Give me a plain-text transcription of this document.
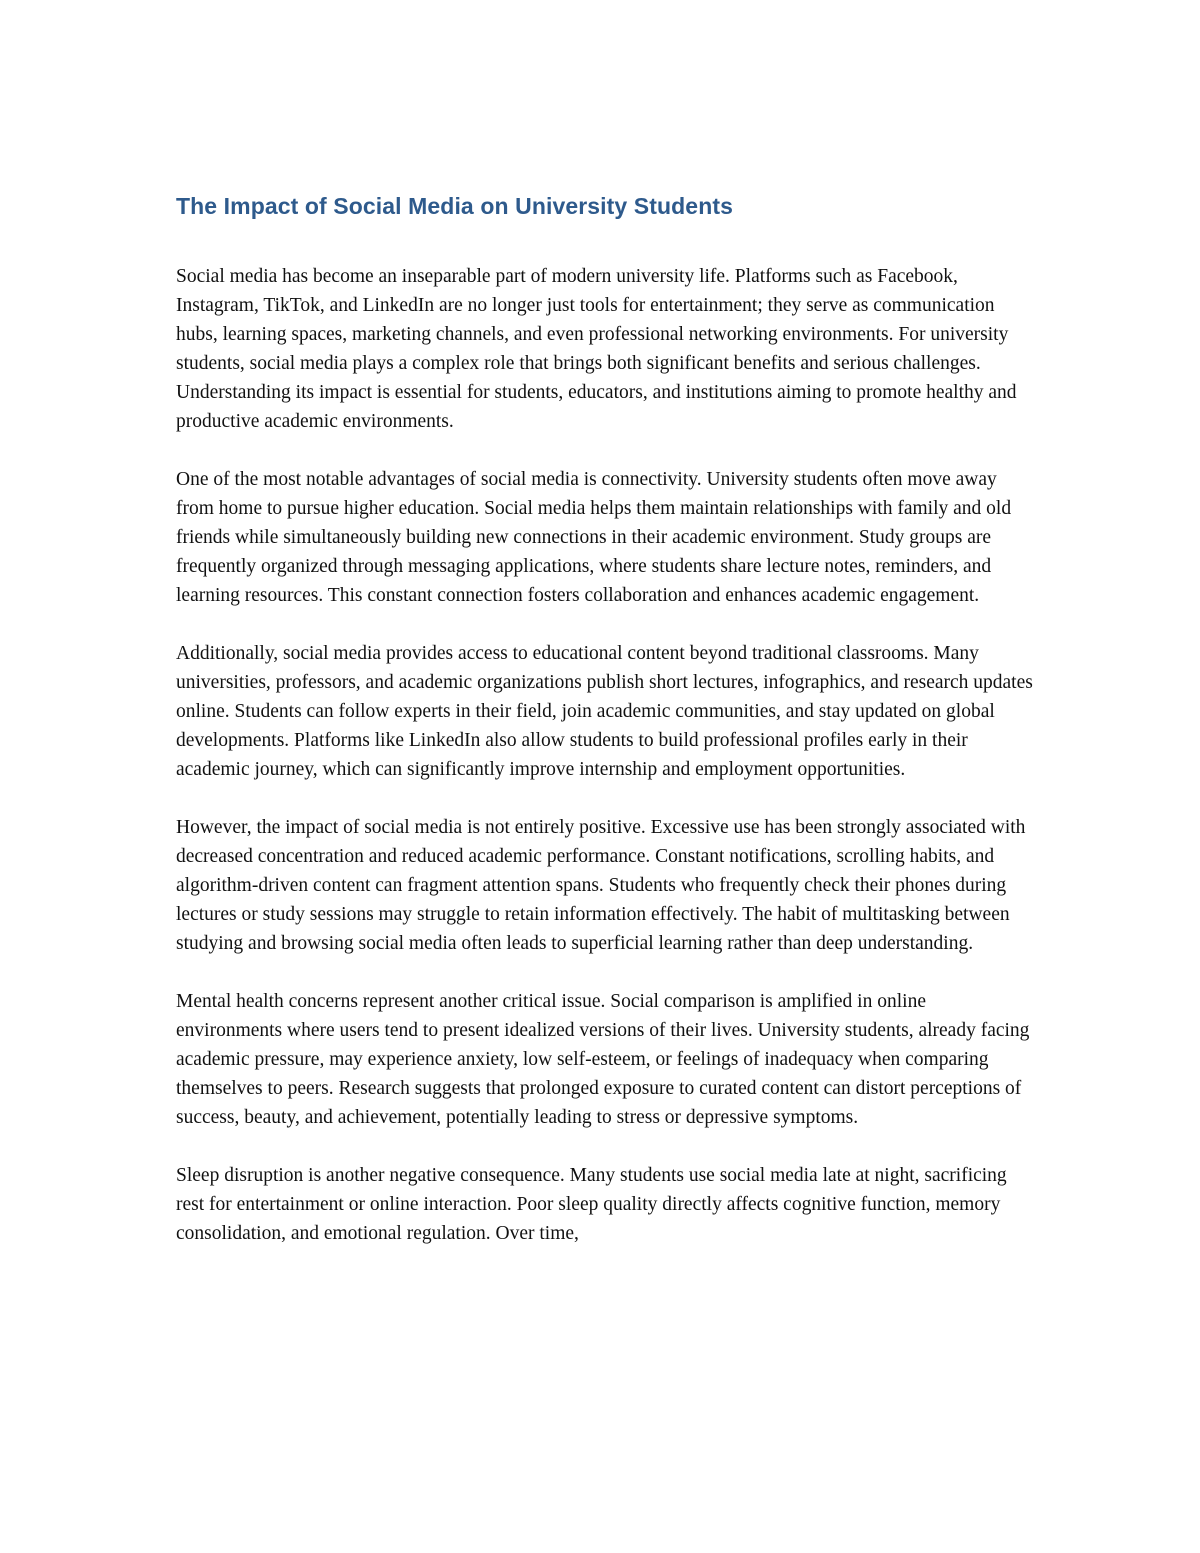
The Impact of Social Media on University Students

Social media has become an inseparable part of modern university life. Platforms such as Facebook, Instagram, TikTok, and LinkedIn are no longer just tools for entertainment; they serve as communication hubs, learning spaces, marketing channels, and even professional networking environments. For university students, social media plays a complex role that brings both significant benefits and serious challenges. Understanding its impact is essential for students, educators, and institutions aiming to promote healthy and productive academic environments.

One of the most notable advantages of social media is connectivity. University students often move away from home to pursue higher education. Social media helps them maintain relationships with family and old friends while simultaneously building new connections in their academic environment. Study groups are frequently organized through messaging applications, where students share lecture notes, reminders, and learning resources. This constant connection fosters collaboration and enhances academic engagement.

Additionally, social media provides access to educational content beyond traditional classrooms. Many universities, professors, and academic organizations publish short lectures, infographics, and research updates online. Students can follow experts in their field, join academic communities, and stay updated on global developments. Platforms like LinkedIn also allow students to build professional profiles early in their academic journey, which can significantly improve internship and employment opportunities.

However, the impact of social media is not entirely positive. Excessive use has been strongly associated with decreased concentration and reduced academic performance. Constant notifications, scrolling habits, and algorithm-driven content can fragment attention spans. Students who frequently check their phones during lectures or study sessions may struggle to retain information effectively. The habit of multitasking between studying and browsing social media often leads to superficial learning rather than deep understanding.

Mental health concerns represent another critical issue. Social comparison is amplified in online environments where users tend to present idealized versions of their lives. University students, already facing academic pressure, may experience anxiety, low self-esteem, or feelings of inadequacy when comparing themselves to peers. Research suggests that prolonged exposure to curated content can distort perceptions of success, beauty, and achievement, potentially leading to stress or depressive symptoms.

Sleep disruption is another negative consequence. Many students use social media late at night, sacrificing rest for entertainment or online interaction. Poor sleep quality directly affects cognitive function, memory consolidation, and emotional regulation. Over time,
